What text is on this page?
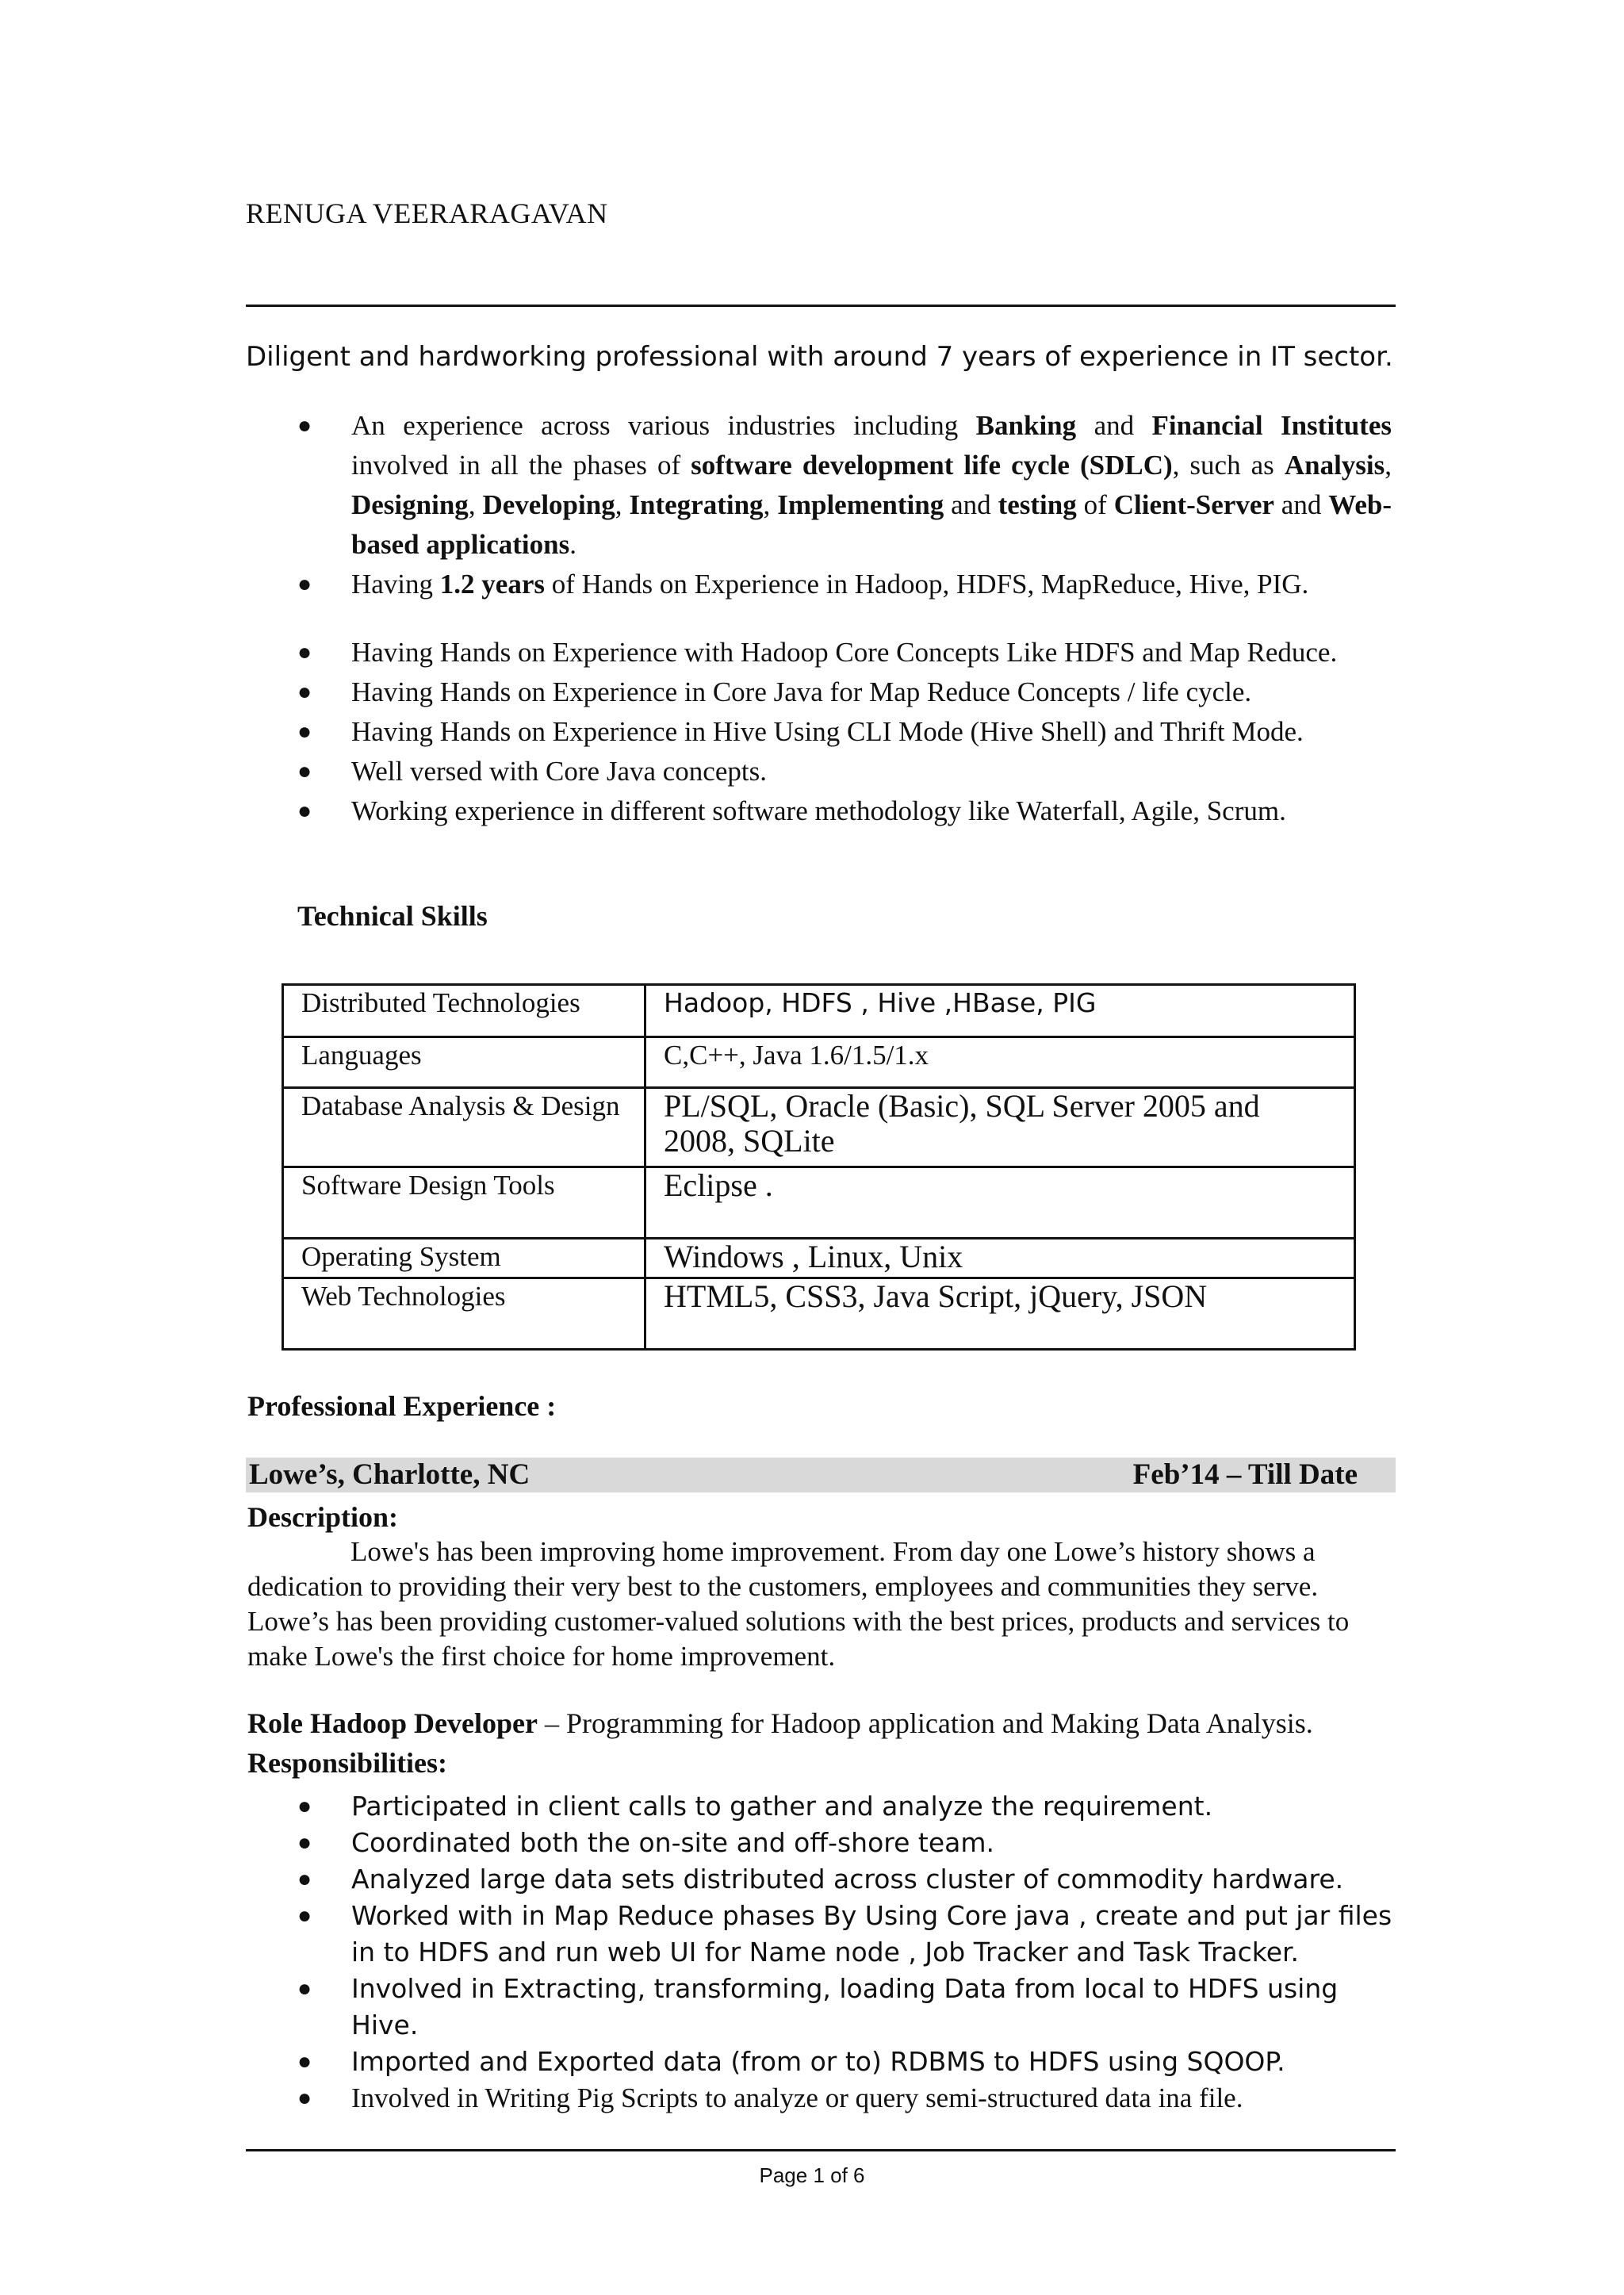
RENUGA VEERARAGAVAN
Diligent and hardworking professional with around 7 years of experience in IT sector.
● An experience across various industries including Banking and Financial Institutes involved in all the phases of software development life cycle (SDLC), such as Analysis, Designing, Developing, Integrating, Implementing and testing of Client-Server and Web-based applications.
● Having 1.2 years of Hands on Experience in Hadoop, HDFS, MapReduce, Hive, PIG.
● Having Hands on Experience with Hadoop Core Concepts Like HDFS and Map Reduce.
● Having Hands on Experience in Core Java for Map Reduce Concepts / life cycle.
● Having Hands on Experience in Hive Using CLI Mode (Hive Shell) and Thrift Mode.
● Well versed with Core Java concepts.
● Working experience in different software methodology like Waterfall, Agile, Scrum.
Technical Skills
Distributed Technologies	Hadoop, HDFS , Hive ,HBase, PIG
Languages	C,C++, Java 1.6/1.5/1.x
Database Analysis & Design	PL/SQL, Oracle (Basic), SQL Server 2005 and 2008, SQLite
Software Design Tools	Eclipse .
Operating System	Windows , Linux, Unix
Web Technologies	HTML5, CSS3, Java Script, jQuery, JSON
Professional Experience :
Lowe’s, Charlotte, NC	Feb’14 – Till Date
Description:
Lowe's has been improving home improvement. From day one Lowe’s history shows a dedication to providing their very best to the customers, employees and communities they serve. Lowe’s has been providing customer-valued solutions with the best prices, products and services to make Lowe's the first choice for home improvement.
Role Hadoop Developer – Programming for Hadoop application and Making Data Analysis.
Responsibilities:
● Participated in client calls to gather and analyze the requirement.
● Coordinated both the on-site and off-shore team.
● Analyzed large data sets distributed across cluster of commodity hardware.
● Worked with in Map Reduce phases By Using Core java , create and put jar files in to HDFS and run web UI for Name node , Job Tracker and Task Tracker.
● Involved in Extracting, transforming, loading Data from local to HDFS using Hive.
● Imported and Exported data (from or to) RDBMS to HDFS using SQOOP.
● Involved in Writing Pig Scripts to analyze or query semi-structured data ina file.
Page 1 of 6
